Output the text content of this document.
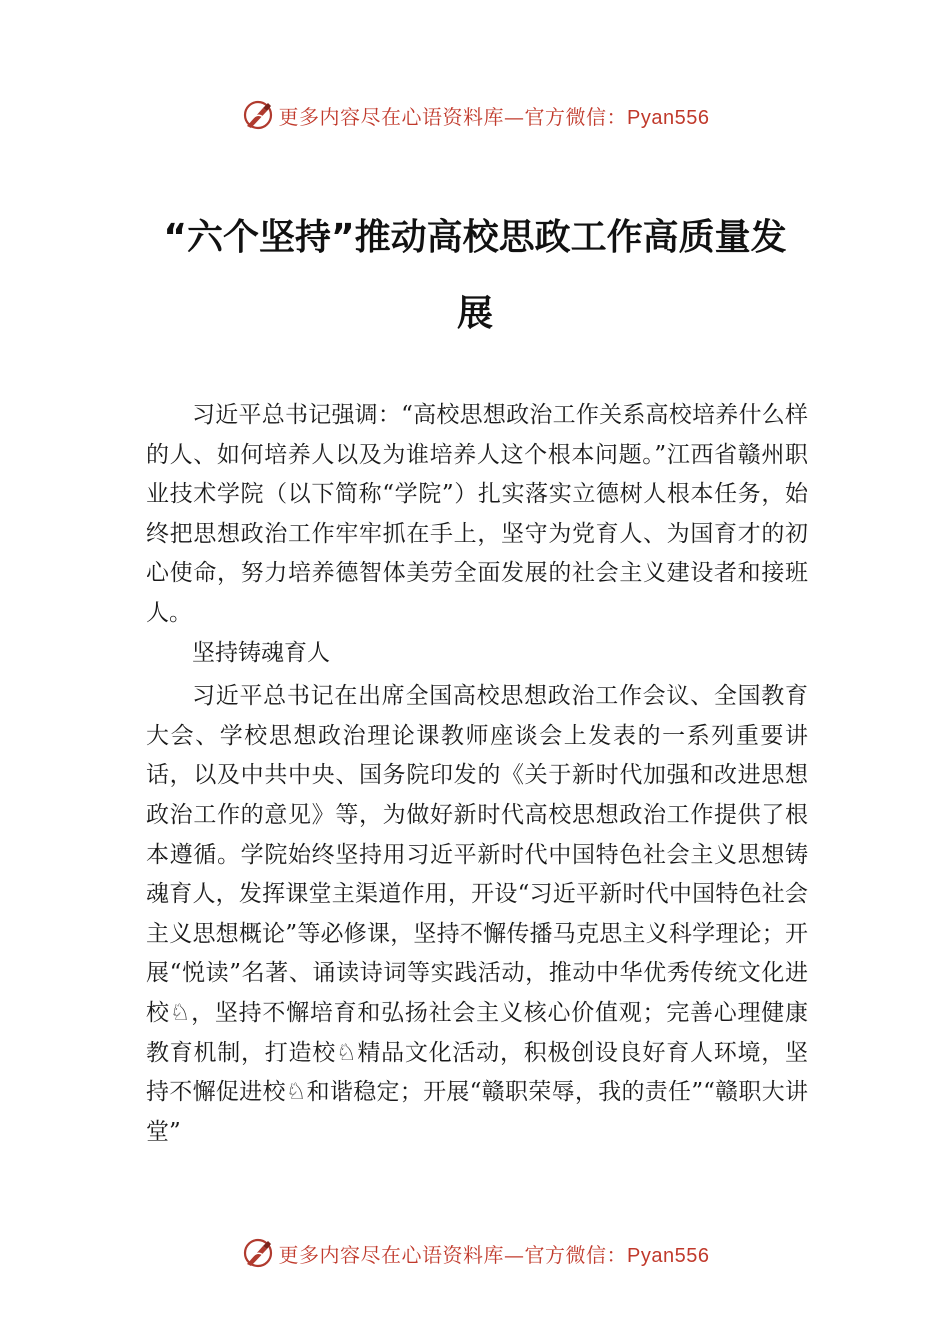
更多内容尽在心语资料库—官方微信：Pyan556
“六个坚持”推动高校思政工作高质量发展

习近平总书记强调：“高校思想政治工作关系高校培养什么样的人、如何培养人以及为谁培养人这个根本问题。”江西省赣州职业技术学院（以下简称“学院”）扎实落实立德树人根本任务，始终把思想政治工作牢牢抓在手上，坚守为党育人、为国育才的初心使命，努力培养德智体美劳全面发展的社会主义建设者和接班人。

坚持铸魂育人

习近平总书记在出席全国高校思想政治工作会议、全国教育大会、学校思想政治理论课教师座谈会上发表的一系列重要讲话，以及中共中央、国务院印发的《关于新时代加强和改进思想政治工作的意见》等，为做好新时代高校思想政治工作提供了根本遵循。学院始终坚持用习近平新时代中国特色社会主义思想铸魂育人，发挥课堂主渠道作用，开设“习近平新时代中国特色社会主义思想概论”等必修课，坚持不懈传播马克思主义科学理论；开展“悦读”名著、诵读诗词等实践活动，推动中华优秀传统文化进校♘，坚持不懈培育和弘扬社会主义核心价值观；完善心理健康教育机制，打造校♘精品文化活动，积极创设良好育人环境，坚持不懈促进校♘和谐稳定；开展“赣职荣辱，我的责任”“赣职大讲堂”

更多内容尽在心语资料库—官方微信：Pyan556
